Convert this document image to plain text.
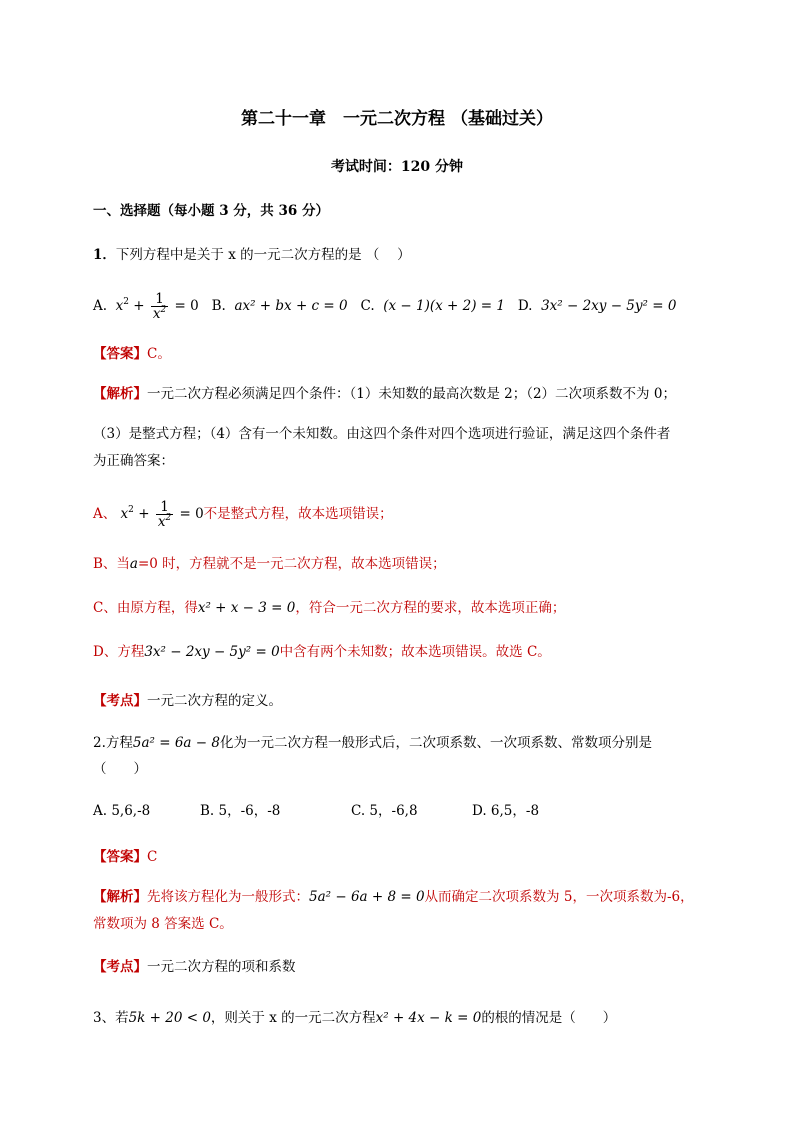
第二十一章　一元二次方程 （基础过关）
考试时间：120 分钟
一、选择题（每小题 3 分，共 36 分）
1．下列方程中是关于 x 的一元二次方程的是 （　 ）
A. $x^2 + \frac{1}{x^2} = 0$ B. ax² + bx + c = 0 C. (x − 1)(x + 2) = 1 D. 3x² − 2xy − 5y² = 0
【答案】C。
【解析】一元二次方程必须满足四个条件：（1）未知数的最高次数是 2；（2）二次项系数不为 0；
（3）是整式方程；（4）含有一个未知数。由这四个条件对四个选项进行验证，满足这四个条件者
为正确答案：
A、 $x^2 + \frac{1}{x^2} = 0$不是整式方程，故本选项错误；
B、当a=0 时，方程就不是一元二次方程，故本选项错误；
C、由原方程，得x² + x − 3 = 0，符合一元二次方程的要求，故本选项正确；
D、方程3x² − 2xy − 5y² = 0中含有两个未知数；故本选项错误。故选 C。
【考点】一元二次方程的定义。
2.方程5a² = 6a − 8化为一元二次方程一般形式后，二次项系数、一次项系数、常数项分别是
（　　）
A. 5,6,-8	B. 5，-6，-8	C. 5，-6,8	D. 6,5，-8
【答案】C
【解析】先将该方程化为一般形式：5a² − 6a + 8 = 0从而确定二次项系数为 5，一次项系数为-6，
常数项为 8 答案选 C。
【考点】一元二次方程的项和系数
3、若5k + 20 < 0，则关于 x 的一元二次方程x² + 4x − k = 0的根的情况是（　　）
